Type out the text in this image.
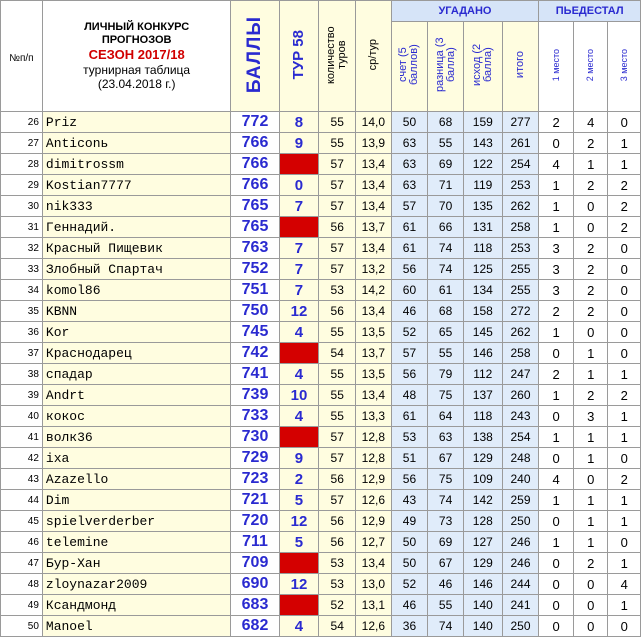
№п/п	ЛИЧНЫЙ КОНКУРС
ПРОГНОЗОВ
СЕЗОН 2017/18
турнирная таблица
(23.04.2018 г.)	БАЛЛЫ	ТУР 58	количество туров	ср/тур	УГАДАНО				ПЬЕДЕСТАЛ		
						счет (5 баллов)	разница (3 балла)	исход (2 балла)	итого	1 место	2 место	3 место
26	Priz	772	8	55	14,0	50	68	159	277	2	4	0
27	Anticonь	766	9	55	13,9	63	55	143	261	0	2	1
28	dimitrossm	766		57	13,4	63	69	122	254	4	1	1
29	Kostian7777	766	0	57	13,4	63	71	119	253	1	2	2
30	nik333	765	7	57	13,4	57	70	135	262	1	0	2
31	Геннадий.	765		56	13,7	61	66	131	258	1	0	2
32	Красный Пищевик	763	7	57	13,4	61	74	118	253	3	2	0
33	Злобный Спартач	752	7	57	13,2	56	74	125	255	3	2	0
34	komol86	751	7	53	14,2	60	61	134	255	3	2	0
35	KBNN	750	12	56	13,4	46	68	158	272	2	2	0
36	Kor	745	4	55	13,5	52	65	145	262	1	0	0
37	Краснодарец	742		54	13,7	57	55	146	258	0	1	0
38	спадар	741	4	55	13,5	56	79	112	247	2	1	1
39	Andrt	739	10	55	13,4	48	75	137	260	1	2	2
40	кокос	733	4	55	13,3	61	64	118	243	0	3	1
41	волк36	730		57	12,8	53	63	138	254	1	1	1
42	ixa	729	9	57	12,8	51	67	129	248	0	1	0
43	Azazello	723	2	56	12,9	56	75	109	240	4	0	2
44	Dim	721	5	57	12,6	43	74	142	259	1	1	1
45	spielverderber	720	12	56	12,9	49	73	128	250	0	1	1
46	telemine	711	5	56	12,7	50	69	127	246	1	1	0
47	Бур-Хан	709		53	13,4	50	67	129	246	0	2	1
48	zloynazar2009	690	12	53	13,0	52	46	146	244	0	0	4
49	Ксандмонд	683		52	13,1	46	55	140	241	0	0	1
50	Manoel	682	4	54	12,6	36	74	140	250	0	0	0
